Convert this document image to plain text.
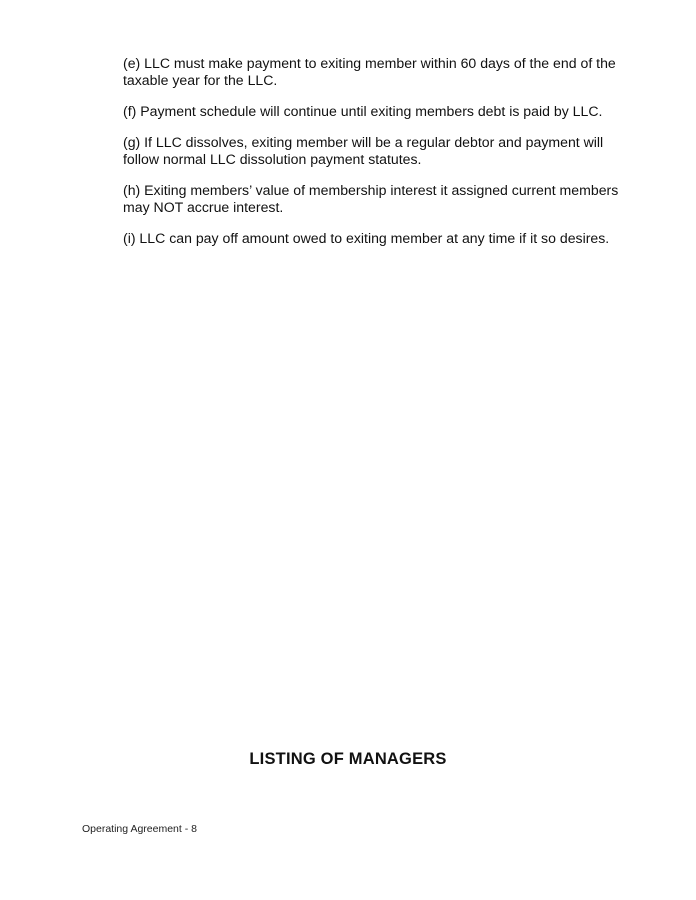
(e) LLC must make payment to exiting member within 60 days of the end of the
taxable year for the LLC.

(f) Payment schedule will continue until exiting members debt is paid by LLC.

(g) If LLC dissolves, exiting member will be a regular debtor and payment will
follow normal LLC dissolution payment statutes.

(h) Exiting members’ value of membership interest it assigned current members
may NOT accrue interest.

(i) LLC can pay off amount owed to exiting member at any time if it so desires.

LISTING OF MANAGERS
Operating Agreement - 8
